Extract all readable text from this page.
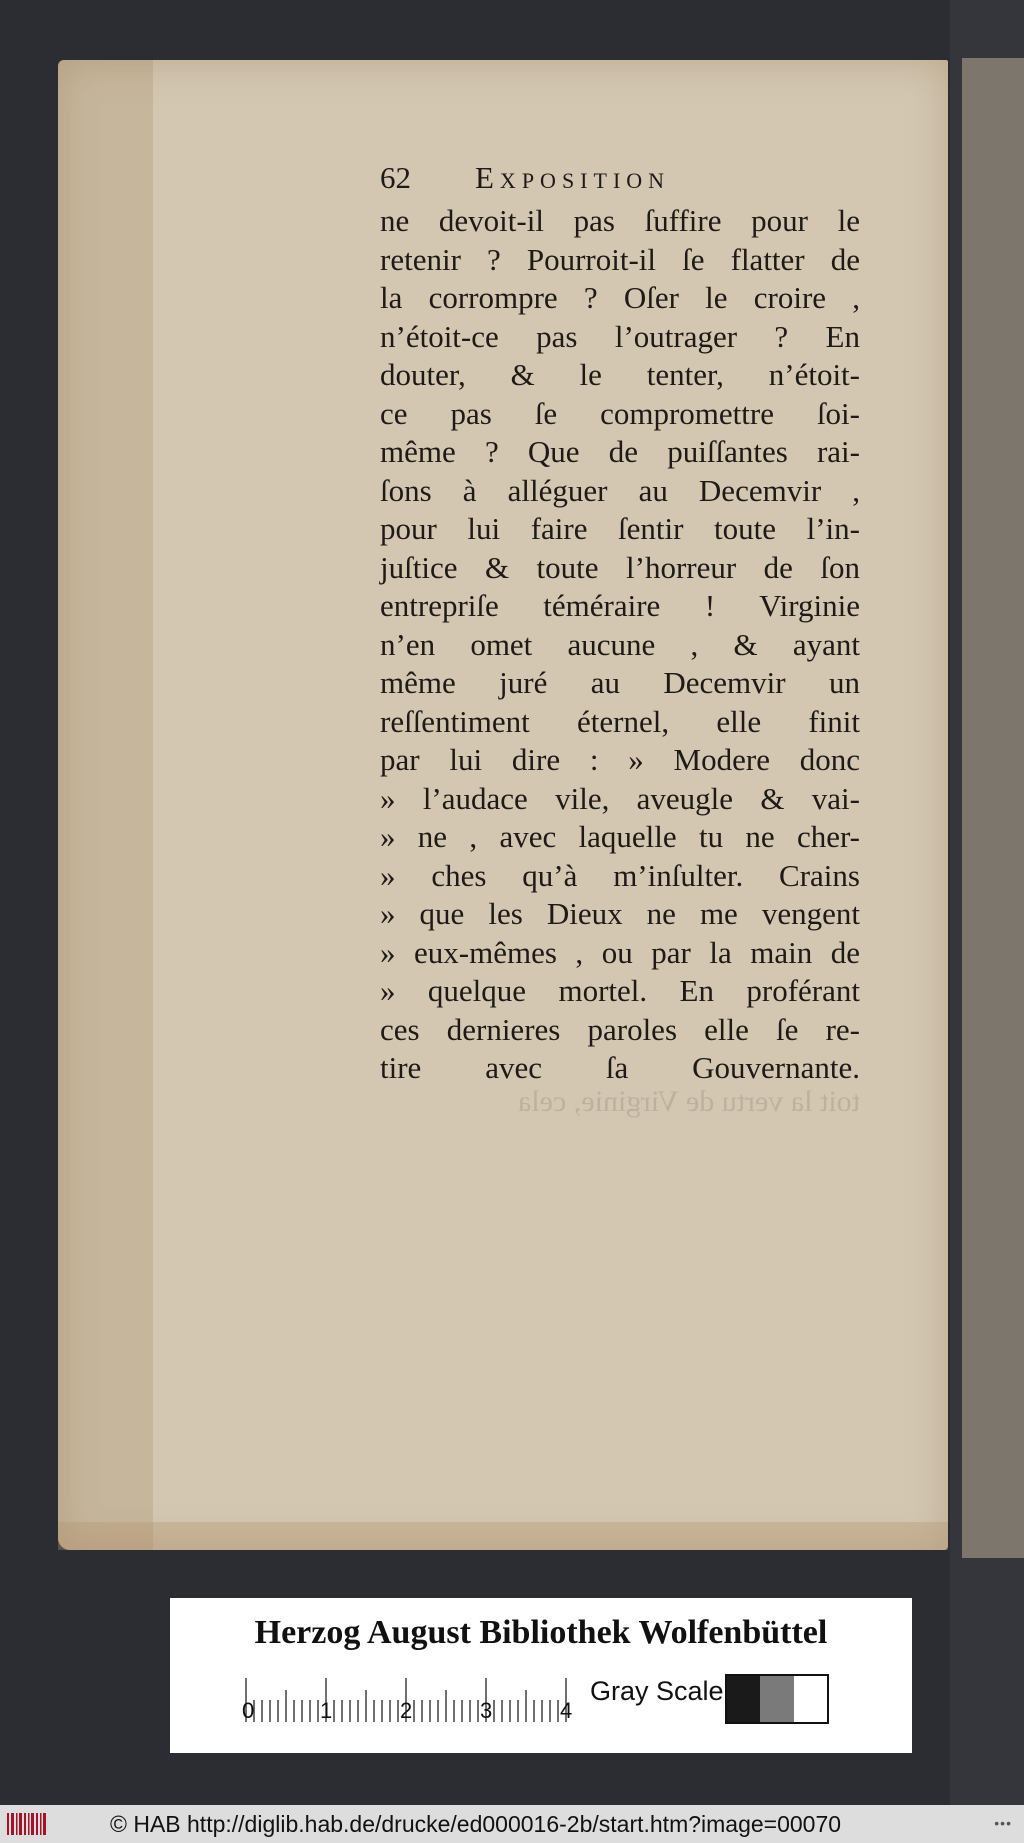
62	Exposition
ne devoit-il pas ſuffire pour le
retenir ? Pourroit-il ſe flatter de
la corrompre ? Oſer le croire ,
n’étoit-ce pas l’outrager ? En
douter, & le tenter, n’étoit-
ce pas ſe compromettre ſoi-
même ? Que de puiſſantes rai-
ſons à alléguer au Decemvir ,
pour lui faire ſentir toute l’in-
juſtice & toute l’horreur de ſon
entrepriſe téméraire ! Virginie
n’en omet aucune , & ayant
même juré au Decemvir un
reſſentiment éternel, elle finit
par lui dire : » Modere donc
» l’audace vile, aveugle & vai-
» ne , avec laquelle tu ne cher-
» ches qu’à m’inſulter. Crains
» que les Dieux ne me vengent
» eux-mêmes , ou par la main de
» quelque mortel. En proférant
ces dernieres paroles elle ſe re-
tire avec ſa Gouvernante.
toit la vertu de Virginie, cela
Herzog August Bibliothek Wolfenbüttel
0	1	2	3	4
Gray Scale
© HAB http://diglib.hab.de/drucke/ed000016-2b/start.htm?image=00070	•••
